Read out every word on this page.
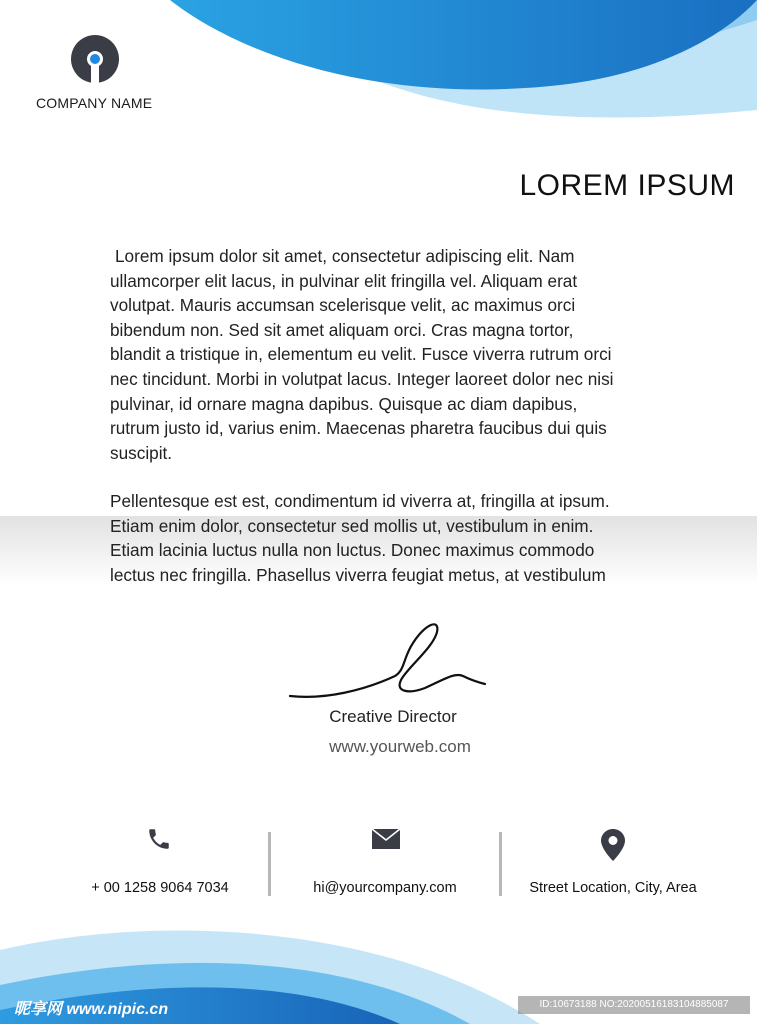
COMPANY NAME
LOREM IPSUM
Lorem ipsum dolor sit amet, consectetur adipiscing elit. Nam
ullamcorper elit lacus, in pulvinar elit fringilla vel. Aliquam erat
volutpat. Mauris accumsan scelerisque velit, ac maximus orci
bibendum non. Sed sit amet aliquam orci. Cras magna tortor,
blandit a tristique in, elementum eu velit. Fusce viverra rutrum orci
nec tincidunt. Morbi in volutpat lacus. Integer laoreet dolor nec nisi
pulvinar, id ornare magna dapibus. Quisque ac diam dapibus,
rutrum justo id, varius enim. Maecenas pharetra faucibus dui quis
suscipit.
Pellentesque est est, condimentum id viverra at, fringilla at ipsum.
Etiam enim dolor, consectetur sed mollis ut, vestibulum in enim.
Etiam lacinia luctus nulla non luctus. Donec maximus commodo
lectus nec fringilla. Phasellus viverra feugiat metus, at vestibulum
Creative Director
www.yourweb.com
+ 00 1258 9064 7034	hi@yourcompany.com	Street Location, City, Area
昵享网 www.nipic.cn	ID:10673188 NO:20200516183104885087
